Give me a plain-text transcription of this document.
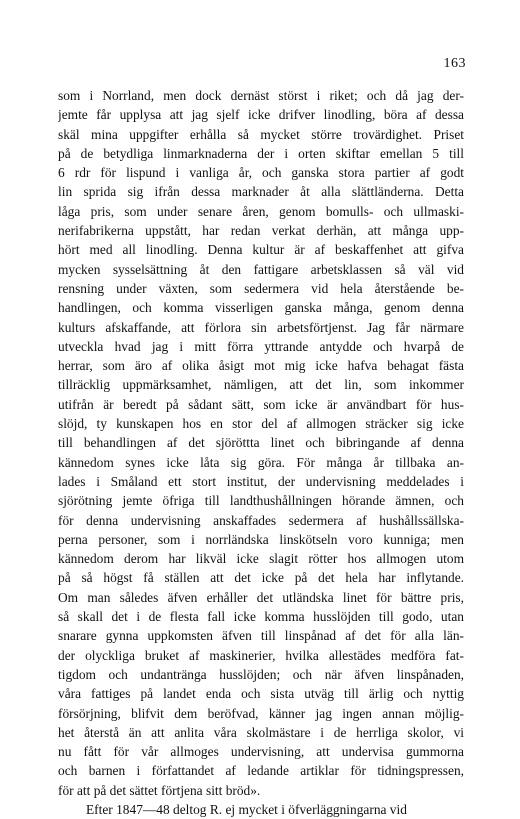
163
som i Norrland, men dock dernäst störst i riket; och då jag der-
jemte får upplysa att jag sjelf icke drifver linodling, böra af dessa
skäl mina uppgifter erhålla så mycket större trovärdighet. Priset
på de betydliga linmarknaderna der i orten skiftar emellan 5 till
6 rdr för lispund i vanliga år, och ganska stora partier af godt
lin sprida sig ifrån dessa marknader åt alla slättländerna. Detta
låga pris, som under senare åren, genom bomulls- och ullmaski-
nerifabrikerna uppstått, har redan verkat derhän, att många upp-
hört med all linodling. Denna kultur är af beskaffenhet att gifva
mycken sysselsättning åt den fattigare arbetsklassen så väl vid
rensning under växten, som sedermera vid hela återstående be-
handlingen, och komma visserligen ganska många, genom denna
kulturs afskaffande, att förlora sin arbetsförtjenst. Jag får närmare
utveckla hvad jag i mitt förra yttrande antydde och hvarpå de
herrar, som äro af olika åsigt mot mig icke hafva behagat fästa
tillräcklig uppmärksamhet, nämligen, att det lin, som inkommer
utifrån är beredt på sådant sätt, som icke är användbart för hus-
slöjd, ty kunskapen hos en stor del af allmogen sträcker sig icke
till behandlingen af det sjöröttta linet och bibringande af denna
kännedom synes icke låta sig göra. För många år tillbaka an-
lades i Småland ett stort institut, der undervisning meddelades i
sjörötning jemte öfriga till landthushållningen hörande ämnen, och
för denna undervisning anskaffades sedermera af hushållssällska-
perna personer, som i norrländska linskötseln voro kunniga; men
kännedom derom har likväl icke slagit rötter hos allmogen utom
på så högst få ställen att det icke på det hela har inflytande.
Om man således äfven erhåller det utländska linet för bättre pris,
så skall det i de flesta fall icke komma husslöjden till godo, utan
snarare gynna uppkomsten äfven till linspånad af det för alla län-
der olyckliga bruket af maskinerier, hvilka allestädes medföra fat-
tigdom och undanträngа husslöjden; och när äfven linspånaden,
våra fattiges på landet enda och sista utväg till ärlig och nyttig
försörjning, blifvit dem beröfvad, känner jag ingen annan möjlig-
het återstå än att anlita våra skolmästare i de herrliga skolor, vi
nu fått för vår allmoges undervisning, att undervisa gummorna
och barnen i författandet af ledande artiklar för tidningspressen,
för att på det sättet förtjena sitt bröd».
Efter 1847—48 deltog R. ej mycket i öfverläggningarna vid
